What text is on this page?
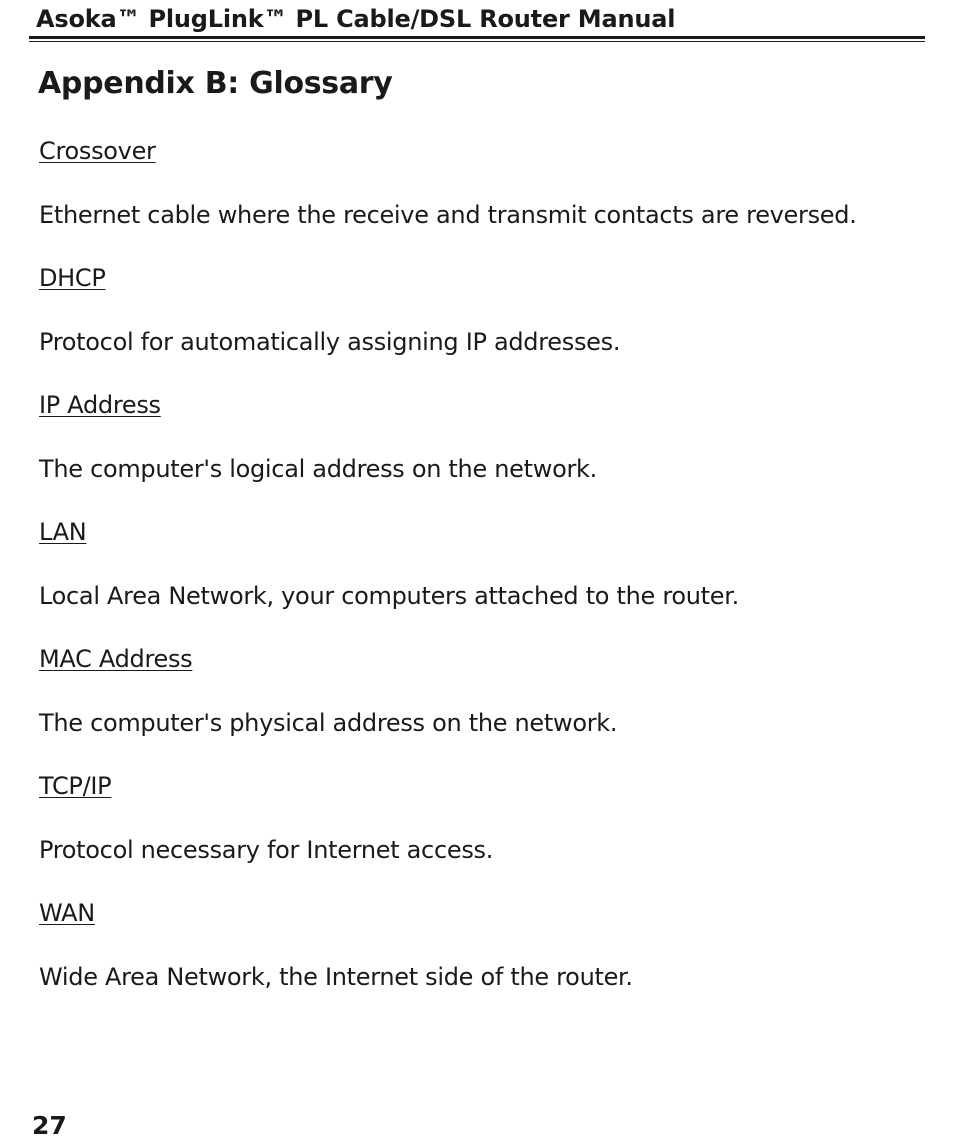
Asoka™ PlugLink™ PL Cable/DSL Router Manual
Appendix B: Glossary
Crossover
Ethernet cable where the receive and transmit contacts are reversed.
DHCP
Protocol for automatically assigning IP addresses.
IP Address
The computer's logical address on the network.
LAN
Local Area Network, your computers attached to the router.
MAC Address
The computer's physical address on the network.
TCP/IP
Protocol necessary for Internet access.
WAN
Wide Area Network, the Internet side of the router.
27
